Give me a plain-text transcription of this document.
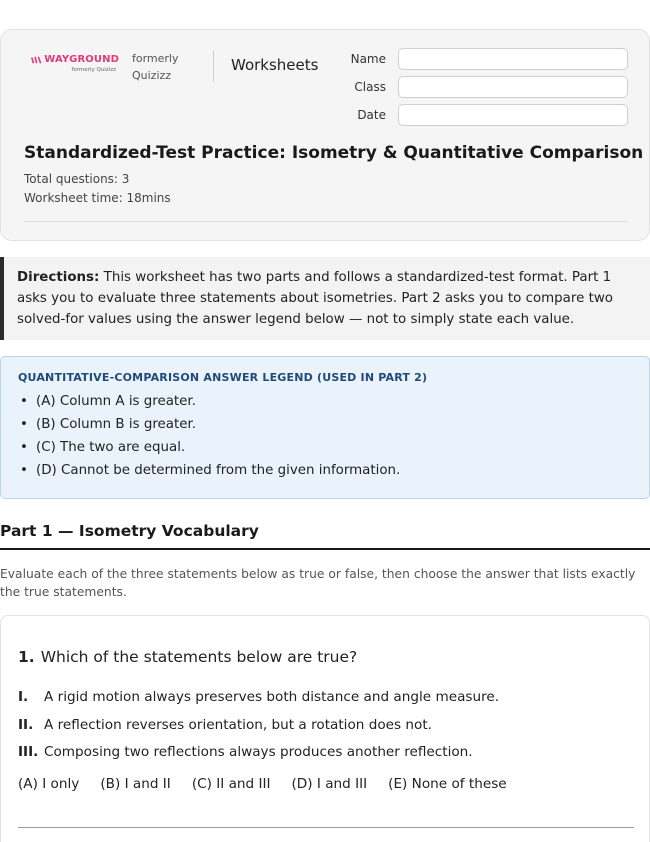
WAYGROUND
formerly Quizizz
formerly
Quizizz
Worksheets	Name
Class
Date
Standardized-Test Practice: Isometry & Quantitative Comparison
Total questions: 3
Worksheet time: 18mins
Directions: This worksheet has two parts and follows a standardized-test format. Part 1 asks you to evaluate three statements about isometries. Part 2 asks you to compare two solved-for values using the answer legend below — not to simply state each value.
QUANTITATIVE-COMPARISON ANSWER LEGEND (USED IN PART 2)
• (A) Column A is greater.
• (B) Column B is greater.
• (C) The two are equal.
• (D) Cannot be determined from the given information.
Part 1 — Isometry Vocabulary
Evaluate each of the three statements below as true or false, then choose the answer that lists exactly the true statements.
1. Which of the statements below are true?
I.	A rigid motion always preserves both distance and angle measure.
II. A reflection reverses orientation, but a rotation does not.
III. Composing two reflections always produces another reflection.
(A) I only (B) I and II (C) II and III (D) I and III (E) None of these
